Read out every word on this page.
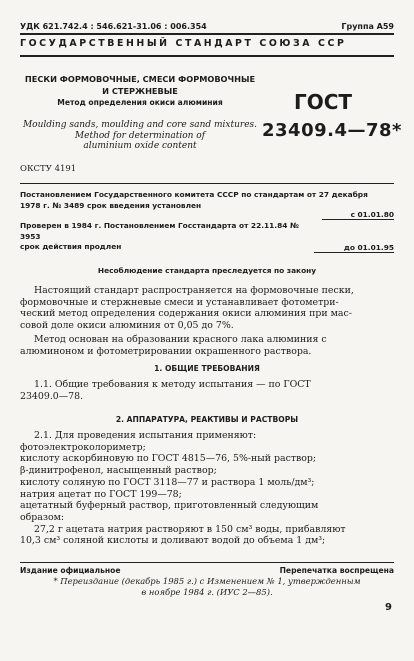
УДК 621.742.4 : 546.621-31.06 : 006.354	Группа А59
ГОСУДАРСТВЕННЫЙ СТАНДАРТ СОЮЗА ССР
ПЕСКИ ФОРМОВОЧНЫЕ, СМЕСИ ФОРМОВОЧНЫЕ
И СТЕРЖНЕВЫЕ
Метод определения окиси алюминия
Moulding sands, moulding and core sand mixtures.
Method for determination of
aluminium oxide content
ГОСТ
23409.4—78*
ОКСТУ 4191
Постановлением Государственного комитета СССР по стандартам от 27 декабря
1978 г. № 3489 срок введения установлен
с 01.01.80
Проверен в 1984 г. Постановлением Госстандарта от 22.11.84 № 3953
срок действия продлен	до 01.01.95
Несоблюдение стандарта преследуется по закону
Настоящий стандарт распространяется на формовочные пески,
формовочные и стержневые смеси и устанавливает фотометри-
ческий метод определения содержания окиси алюминия при мас-
совой доле окиси алюминия от 0,05 до 7%.
Метод основан на образовании красного лака алюминия с
алюминоном и фотометрировании окрашенного раствора.
1. ОБЩИЕ ТРЕБОВАНИЯ
1.1. Общие требования к методу испытания — по ГОСТ
23409.0—78.
2. АППАРАТУРА, РЕАКТИВЫ И РАСТВОРЫ
2.1. Для проведения испытания применяют:
фотоэлектроколориметр;
кислоту аскорбиновую по ГОСТ 4815—76, 5%-ный раствор;
β-динитрофенол, насыщенный раствор;
кислоту соляную по ГОСТ 3118—77 и раствора 1 моль/дм³;
натрия ацетат по ГОСТ 199—78;
ацетатный буферный раствор, приготовленный следующим
образом:
27,2 г ацетата натрия растворяют в 150 см³ воды, прибавляют
10,3 см³ соляной кислоты и доливают водой до объема 1 дм³;
Издание официальное	Перепечатка воспрещена
* Переиздание (декабрь 1985 г.) с Изменением № 1, утвержденным
в ноябре 1984 г. (ИУС 2—85).
9
